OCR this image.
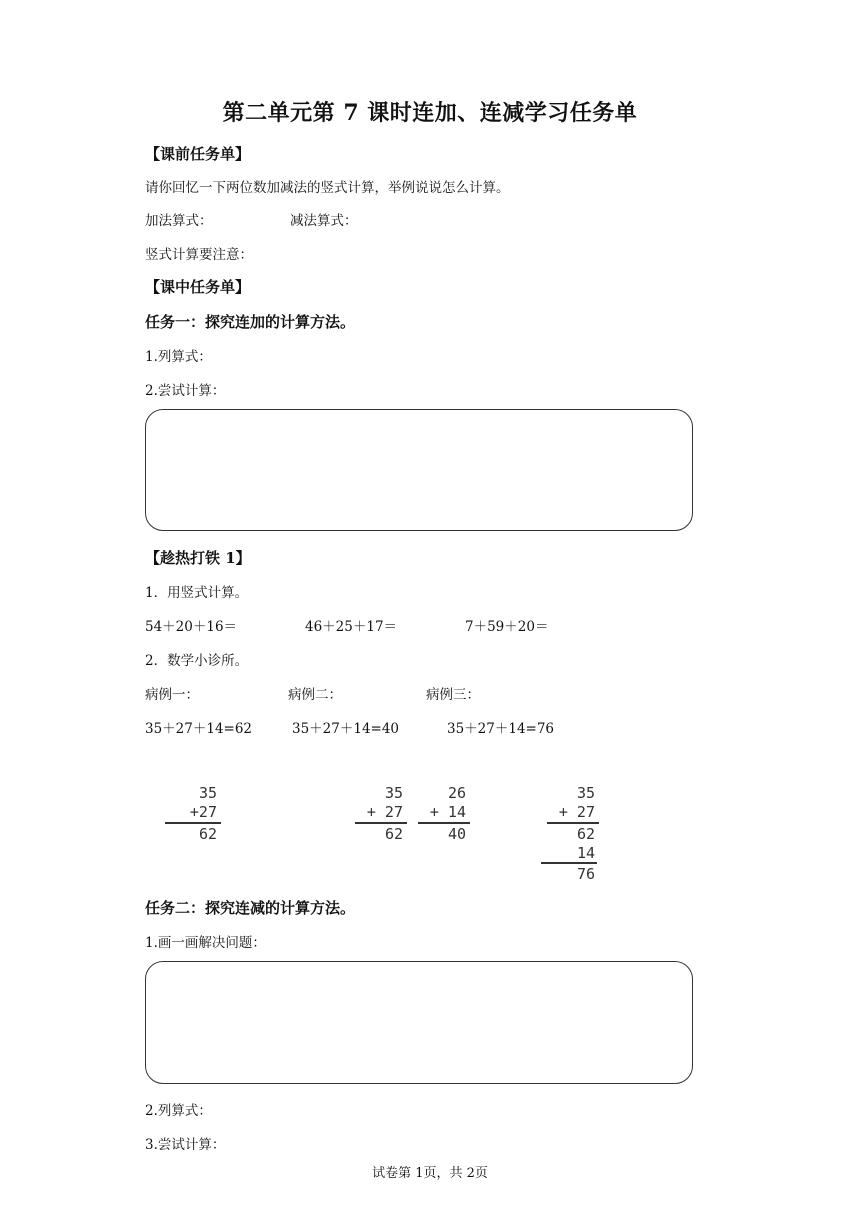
第二单元第 7 课时连加、连减学习任务单
【课前任务单】
请你回忆一下两位数加减法的竖式计算，举例说说怎么计算。
加法算式：	减法算式：
竖式计算要注意：
【课中任务单】
任务一：探究连加的计算方法。
1.列算式：
2.尝试计算：
【趁热打铁 1】
1．用竖式计算。
54＋20＋16＝	46＋25＋17＝	7＋59＋20＝
2．数学小诊所。
病例一：	病例二：	病例三：
35＋27＋14=62	35＋27＋14=40	35＋27＋14=76
35
+27
62
35
+ 27
62
26
+ 14
40
35
+ 27
62
14
76
任务二：探究连减的计算方法。
1.画一画解决问题：
2.列算式：
3.尝试计算：
试卷第 1页，共 2页
